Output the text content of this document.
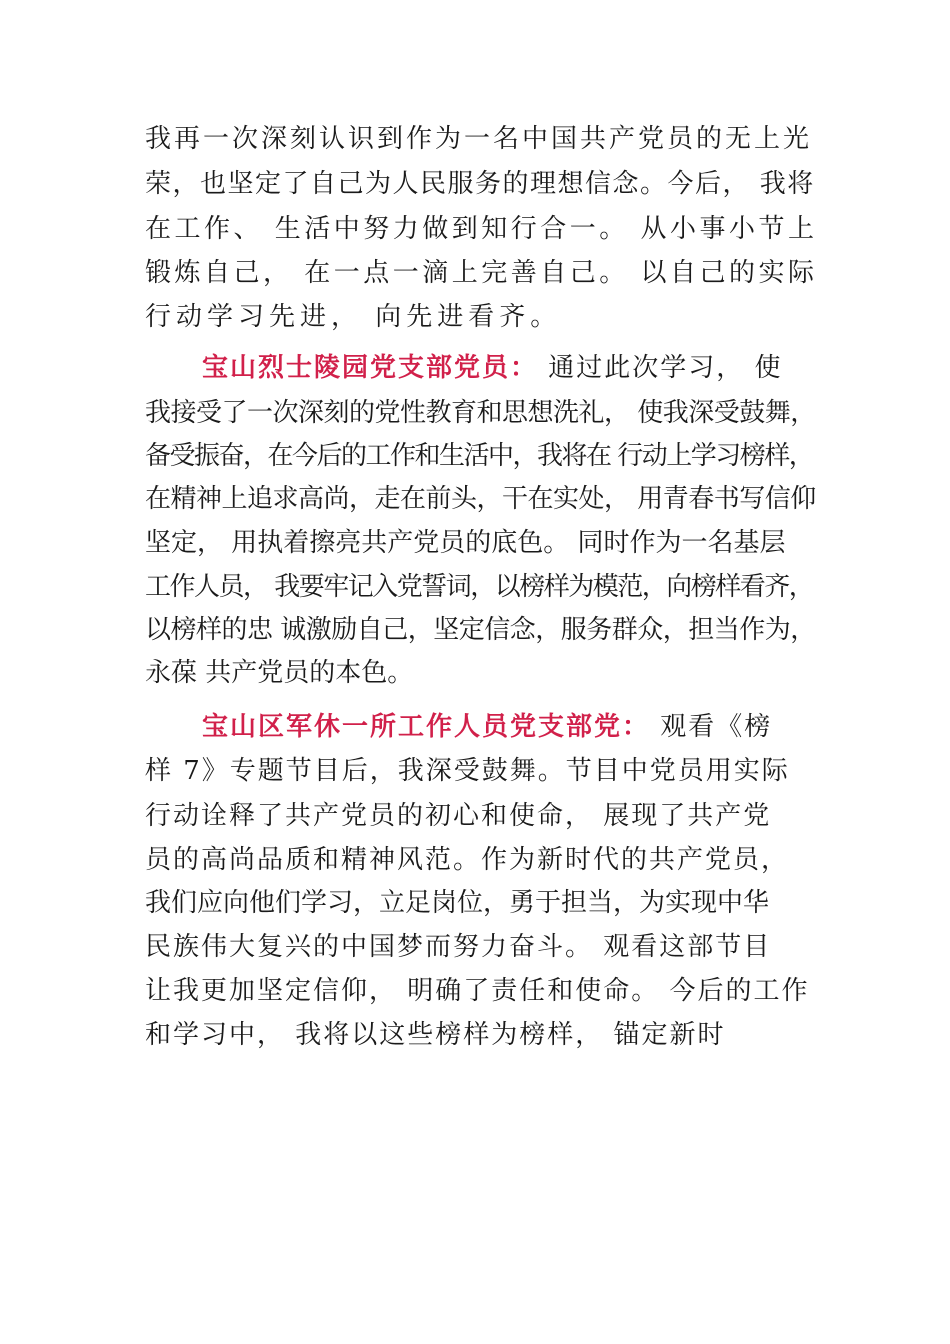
我再一次深刻认识到作为一名中国共产党员的无上光
荣，也坚定了自己为人民服务的理想信念。今后， 我将
在工作、 生活中努力做到知行合一。 从小事小节上
锻炼自己， 在一点一滴上完善自己。 以自己的实际
行动学习先进， 向先进看齐。
宝山烈士陵园党支部党员： 通过此次学习， 使
我接受了一次深刻的党性教育和思想洗礼， 使我深受鼓舞，
备受振奋，在今后的工作和生活中，我将在 行动上学习榜样，
在精神上追求高尚，走在前头，干在实处， 用青春书写信仰
坚定， 用执着擦亮共产党员的底色。 同时作为一名基层
工作人员， 我要牢记入党誓词，以榜样为模范，向榜样看齐，
以榜样的忠 诚激励自己，坚定信念，服务群众，担当作为，
永葆 共产党员的本色。
宝山区军休一所工作人员党支部党： 观看《榜
样 7》专题节目后，我深受鼓舞。节目中党员用实际
行动诠释了共产党员的初心和使命， 展现了共产党
员的高尚品质和精神风范。作为新时代的共产党员，
我们应向他们学习，立足岗位，勇于担当，为实现中华
民族伟大复兴的中国梦而努力奋斗。 观看这部节目
让我更加坚定信仰， 明确了责任和使命。 今后的工作
和学习中， 我将以这些榜样为榜样， 锚定新时
